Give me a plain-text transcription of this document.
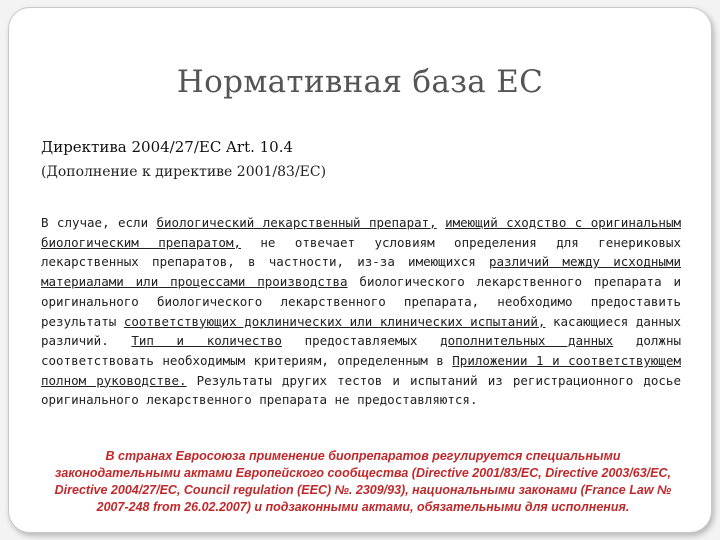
Нормативная база ЕС
Директива 2004/27/EC Art. 10.4
(Дополнение к директиве 2001/83/ЕС)
В случае, если биологический лекарственный препарат, имеющий сходство с оригинальным биологическим препаратом, не отвечает условиям определения для генериковых лекарственных препаратов, в частности, из-за имеющихся различий между исходными материалами или процессами производства биологического лекарственного препарата и оригинального биологического лекарственного препарата, необходимо предоставить результаты соответствующих доклинических или клинических испытаний, касающиеся данных различий. Тип и количество предоставляемых дополнительных данных должны соответствовать необходимым критериям, определенным в Приложении 1 и соответствующем полном руководстве. Результаты других тестов и испытаний из регистрационного досье оригинального лекарственного препарата не предоставляются.
В странах Евросоюза применение биопрепаратов регулируется специальными законодательными актами Европейского сообщества (Directive 2001/83/EC, Directive 2003/63/EC, Directive 2004/27/EC, Council regulation (EEC) №. 2309/93), национальными законами (France Law № 2007-248 from 26.02.2007) и подзаконными актами, обязательными для исполнения.
